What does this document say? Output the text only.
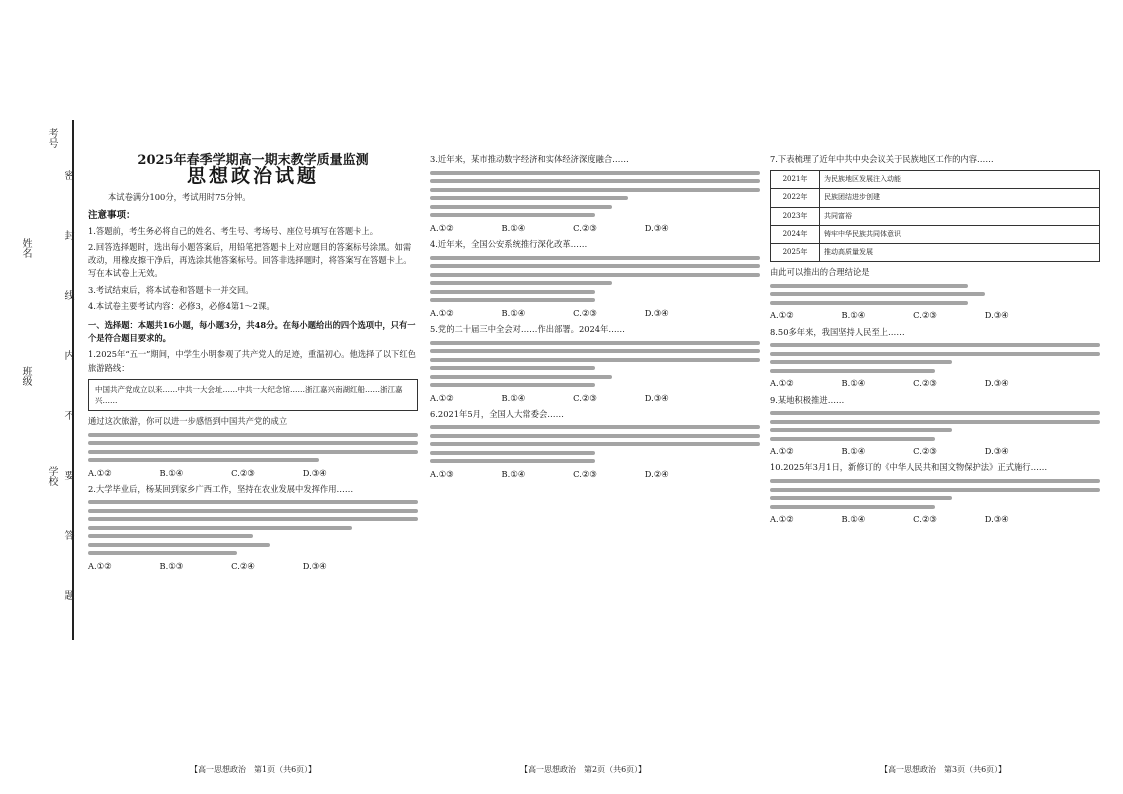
考号
姓名
班级
学校
密
封
线
内
不
要
答
题
2025年春季学期高一期末教学质量监测
思想政治试题
本试卷满分100分，考试用时75分钟。
注意事项：
1.答题前，考生务必将自己的姓名、考生号、考场号、座位号填写在答题卡上。
2.回答选择题时，选出每小题答案后，用铅笔把答题卡上对应题目的答案标号涂黑。如需改动，用橡皮擦干净后，再选涂其他答案标号。回答非选择题时，将答案写在答题卡上。写在本试卷上无效。
3.考试结束后，将本试卷和答题卡一并交回。
4.本试卷主要考试内容：必修3，必修4第1～2课。
一、选择题：本题共16小题，每小题3分，共48分。在每小题给出的四个选项中，只有一个是符合题目要求的。
1.2025年“五一”期间，中学生小明参观了共产党人的足迹，重温初心。他选择了以下红色旅游路线：
中国共产党成立以来……中共一大会址……中共一大纪念馆……浙江嘉兴南湖红船……浙江嘉兴……
通过这次旅游，你可以进一步感悟到中国共产党的成立
A.①②	B.①④	C.②③	D.③④
2.大学毕业后，杨某回到家乡广西工作，坚持在农业发展中发挥作用……
A.①②	B.①③	C.②④	D.③④
3.近年来，某市推动数字经济和实体经济深度融合……
A.①②	B.①④	C.②③	D.③④
4.近年来，全国公安系统推行深化改革……
A.①②	B.①④	C.②③	D.③④
5.党的二十届三中全会对……作出部署。2024年……
A.①②	B.①④	C.②③	D.③④
6.2021年5月，全国人大常委会……
A.①③	B.①④	C.②③	D.②④
7.下表梳理了近年中共中央会议关于民族地区工作的内容……
2021年	为民族地区发展注入动能
2022年	民族团结进步创建
2023年	共同富裕
2024年	铸牢中华民族共同体意识
2025年	推动高质量发展
由此可以推出的合理结论是
A.①②	B.①④	C.②③	D.③④
8.50多年来，我国坚持人民至上……
A.①②	B.①④	C.②③	D.③④
9.某地积极推进……
A.①②	B.①④	C.②③	D.③④
10.2025年3月1日，新修订的《中华人民共和国文物保护法》正式施行……
A.①②	B.①④	C.②③	D.③④
【高一思想政治　第1页（共6页）】	【高一思想政治　第2页（共6页）】	【高一思想政治　第3页（共6页）】
